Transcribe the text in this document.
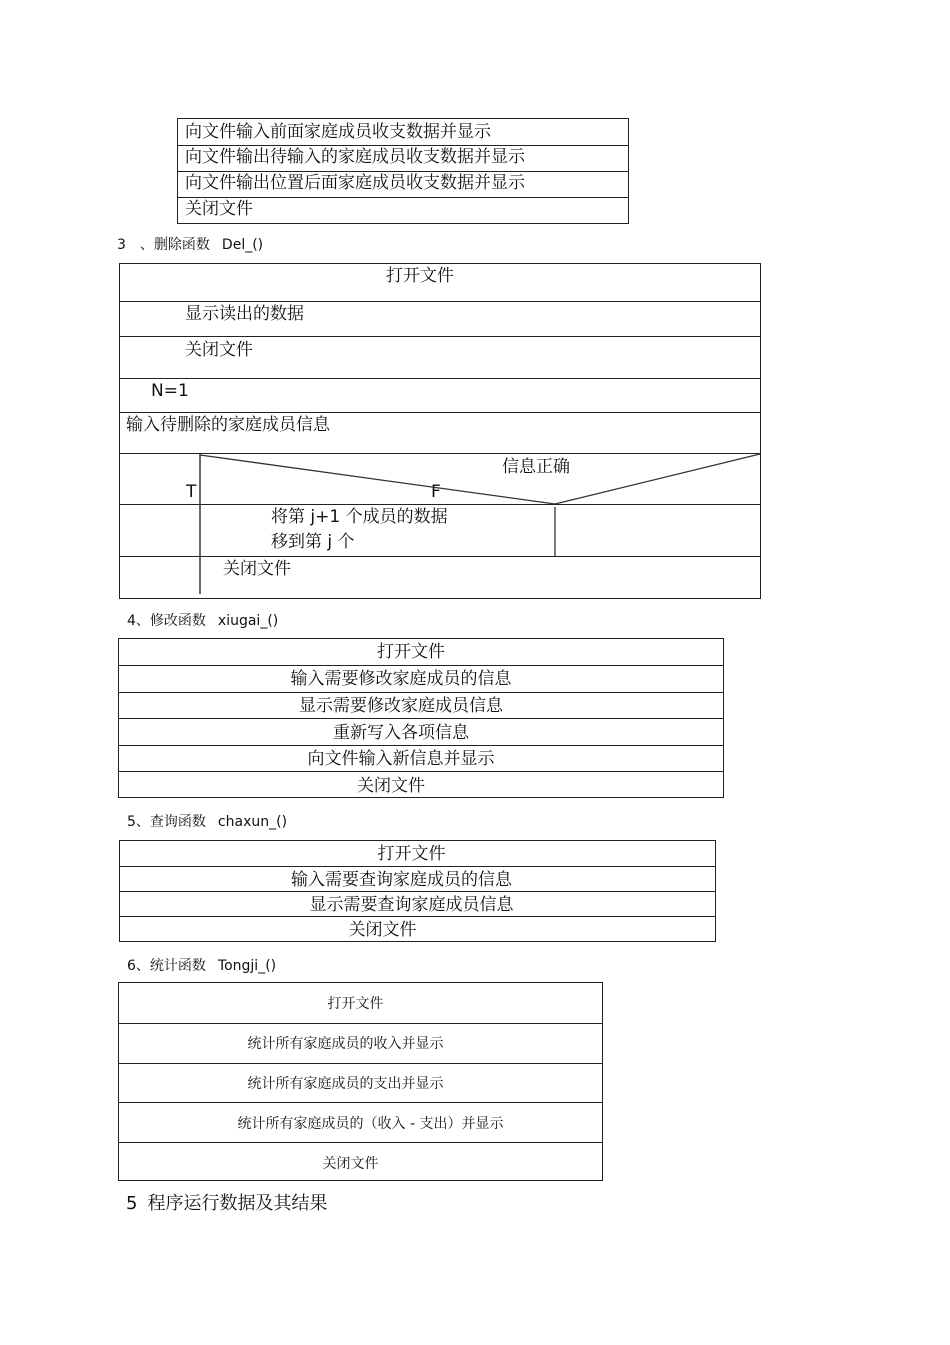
向文件输入前面家庭成员收支数据并显示
向文件输出待输入的家庭成员收支数据并显示
向文件输出位置后面家庭成员收支数据并显示
关闭文件
3 、删除函数 Del_()
打开文件
显示读出的数据
关闭文件
N=1
输入待删除的家庭成员信息
信息正确
T	F
将第 j+1 个成员的数据
移到第 j 个
关闭文件
4、修改函数 xiugai_()
打开文件
输入需要修改家庭成员的信息
显示需要修改家庭成员信息
重新写入各项信息
向文件输入新信息并显示
关闭文件
5、查询函数 chaxun_()
打开文件
输入需要查询家庭成员的信息
显示需要查询家庭成员信息
关闭文件
6、统计函数 Tongji_()
打开文件
统计所有家庭成员的收入并显示
统计所有家庭成员的支出并显示
统计所有家庭成员的（收入 - 支出）并显示
关闭文件
5 程序运行数据及其结果
